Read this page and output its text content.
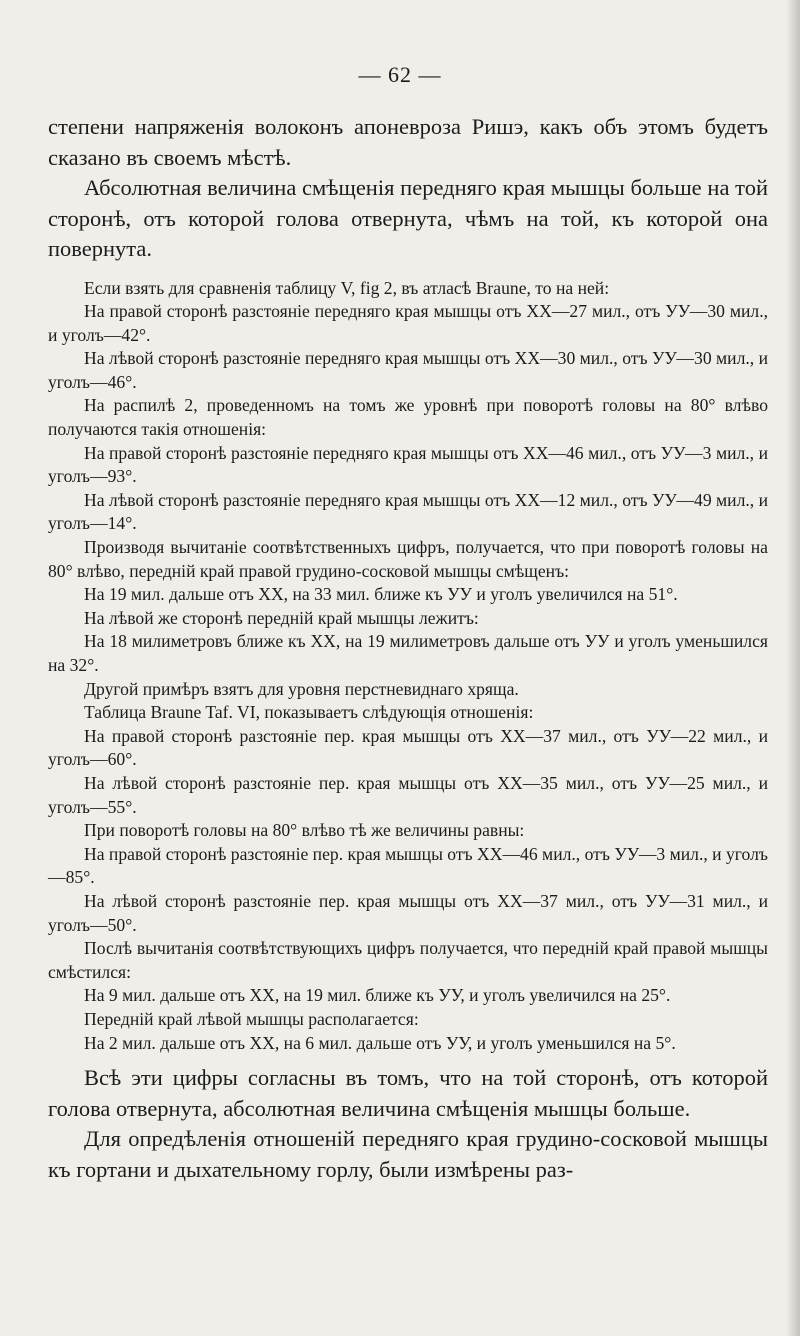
— 62 —

степени напряженія волоконъ апоневроза Ришэ, какъ объ этомъ будетъ сказано въ своемъ мѣстѣ.

Абсолютная величина смѣщенія передняго края мышцы больше на той сторонѣ, отъ которой голова отвернута, чѣмъ на той, къ которой она повернута.

Если взять для сравненія таблицу V, fig 2, въ атласѣ Braune, то на ней:

На правой сторонѣ разстояніе передняго края мышцы отъ XX—27 мил., отъ УУ—30 мил., и уголъ—42°.

На лѣвой сторонѣ разстояніе передняго края мышцы отъ XX—30 мил., отъ УУ—30 мил., и уголъ—46°.

На распилѣ 2, проведенномъ на томъ же уровнѣ при поворотѣ головы на 80° влѣво получаются такія отношенія:

На правой сторонѣ разстояніе передняго края мышцы отъ XX—46 мил., отъ УУ—3 мил., и уголъ—93°.

На лѣвой сторонѣ разстояніе передняго края мышцы отъ XX—12 мил., отъ УУ—49 мил., и уголъ—14°.

Производя вычитаніе соотвѣтственныхъ цифръ, получается, что при поворотѣ головы на 80° влѣво, передній край правой грудино-сосковой мышцы смѣщенъ:

На 19 мил. дальше отъ XX, на 33 мил. ближе къ УУ и уголъ увеличился на 51°.

На лѣвой же сторонѣ передній край мышцы лежитъ:

На 18 милиметровъ ближе къ XX, на 19 милиметровъ дальше отъ УУ и уголъ уменьшился на 32°.

Другой примѣръ взятъ для уровня перстневиднаго хряща.

Таблица Braune Taf. VI, показываетъ слѣдующія отношенія:

На правой сторонѣ разстояніе пер. края мышцы отъ XX—37 мил., отъ УУ—22 мил., и уголъ—60°.

На лѣвой сторонѣ разстояніе пер. края мышцы отъ XX—35 мил., отъ УУ—25 мил., и уголъ—55°.

При поворотѣ головы на 80° влѣво тѣ же величины равны:

На правой сторонѣ разстояніе пер. края мышцы отъ XX—46 мил., отъ УУ—3 мил., и уголъ—85°.

На лѣвой сторонѣ разстояніе пер. края мышцы отъ XX—37 мил., отъ УУ—31 мил., и уголъ—50°.

Послѣ вычитанія соотвѣтствующихъ цифръ получается, что передній край правой мышцы смѣстился:

На 9 мил. дальше отъ XX, на 19 мил. ближе къ УУ, и уголъ увеличился на 25°.

Передній край лѣвой мышцы располагается:

На 2 мил. дальше отъ XX, на 6 мил. дальше отъ УУ, и уголъ уменьшился на 5°.

Всѣ эти цифры согласны въ томъ, что на той сторонѣ, отъ которой голова отвернута, абсолютная величина смѣщенія мышцы больше.

Для опредѣленія отношеній передняго края грудино-сосковой мышцы къ гортани и дыхательному горлу, были измѣрены раз-
